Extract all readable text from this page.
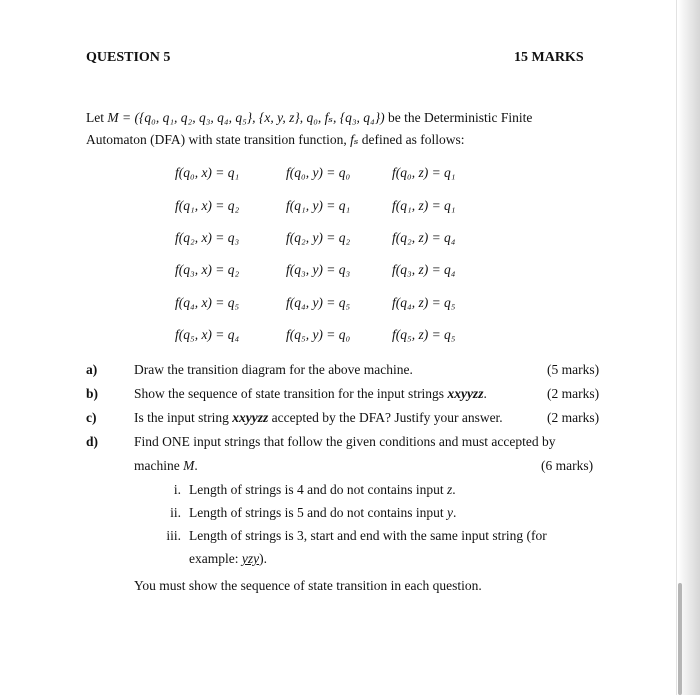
QUESTION 5	15 MARKS
Let M = ({q₀, q₁, q₂, q₃, q₄, q₅}, {x, y, z}, q₀, fₛ, {q₃, q₄}) be the Deterministic Finite
Automaton (DFA) with state transition function, fₛ defined as follows:
f(q₀, x) = q₁	f(q₀, y) = q₀	f(q₀, z) = q₁
f(q₁, x) = q₂	f(q₁, y) = q₁	f(q₁, z) = q₁
f(q₂, x) = q₃	f(q₂, y) = q₂	f(q₂, z) = q₄
f(q₃, x) = q₂	f(q₃, y) = q₃	f(q₃, z) = q₄
f(q₄, x) = q₅	f(q₄, y) = q₅	f(q₄, z) = q₅
f(q₅, x) = q₄	f(q₅, y) = q₀	f(q₅, z) = q₅
a)	Draw the transition diagram for the above machine.	(5 marks)
b)	Show the sequence of state transition for the input strings xxyyzz.	(2 marks)
c)	Is the input string xxyyzz accepted by the DFA? Justify your answer.	(2 marks)
d)	Find ONE input strings that follow the given conditions and must accepted by
machine M.	(6 marks)
i. Length of strings is 4 and do not contains input z.
ii. Length of strings is 5 and do not contains input y.
iii. Length of strings is 3, start and end with the same input string (for
example: yzy).
You must show the sequence of state transition in each question.
